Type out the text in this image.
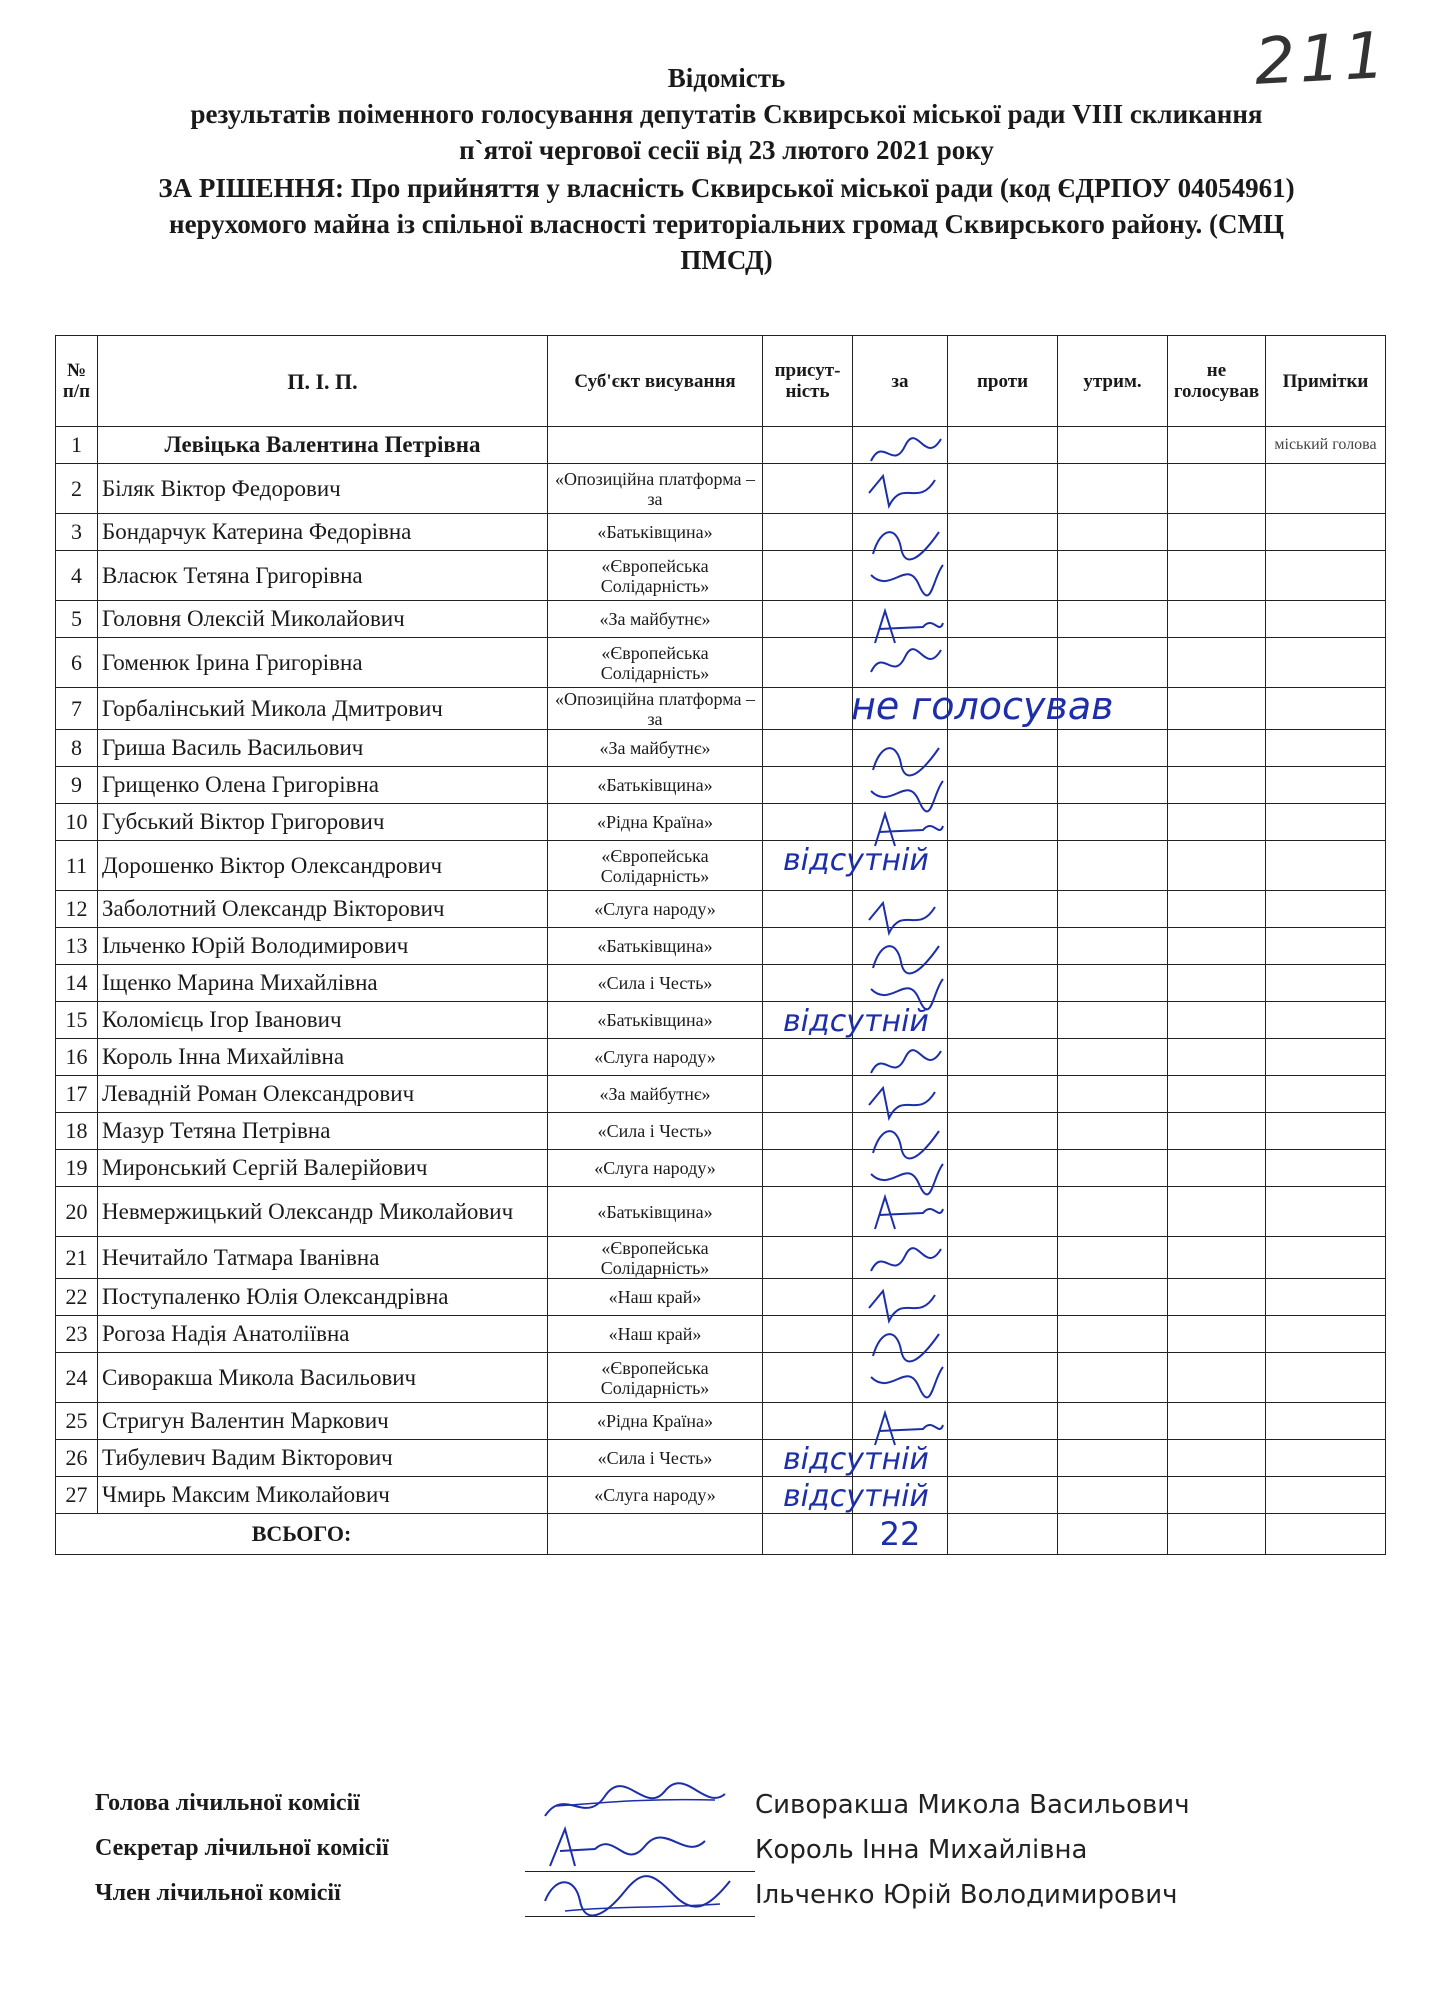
211
Відомість
результатів поіменного голосування депутатів Сквирської міської ради VIII скликання
п`ятої чергової сесії від 23 лютого 2021 року
ЗА РІШЕННЯ: Про прийняття у власність Сквирської міської ради (код ЄДРПОУ 04054961)
нерухомого майна із спільної власності територіальних громад Сквирського району. (СМЦ
ПМСД)
№ п/п	П. І. П.	Суб'єкт висування	присут-ність	за	проти	утрим.	не голосував	Примітки
1	Левіцька Валентина Петрівна							міський голова
2	Біляк Віктор Федорович	«Опозиційна платформа – за		

3	Бондарчук Катерина Федорівна	«Батьківщина»		

4	Власюк Тетяна Григорівна	«Європейська Солідарність»		

5	Головня Олексій Миколайович	«За майбутнє»		

6	Гоменюк Ірина Григорівна	«Європейська Солідарність»		

7	Горбалінський Микола Дмитрович	«Опозиційна платформа – за		не голосував				

8	Гриша Василь Васильович	«За майбутнє»		

9	Грищенко Олена Григорівна	«Батьківщина»		

10	Губський Віктор Григорович	«Рідна Країна»		

11	Дорошенко Віктор Олександрович	«Європейська Солідарність»		відсутній				

12	Заболотний Олександр Вікторович	«Слуга народу»		

13	Ільченко Юрій Володимирович	«Батьківщина»		

14	Іщенко Марина Михайлівна	«Сила і Честь»		

15	Коломієць Ігор Іванович	«Батьківщина»		відсутній				

16	Король Інна Михайлівна	«Слуга народу»		

17	Левадній Роман Олександрович	«За майбутнє»		

18	Мазур Тетяна Петрівна	«Сила і Честь»		

19	Миронський Сергій Валерійович	«Слуга народу»		

20	Невмержицький Олександр Миколайович	«Батьківщина»		

21	Нечитайло Татмара Іванівна	«Європейська Солідарність»		

22	Поступаленко Юлія Олександрівна	«Наш край»		

23	Рогоза Надія Анатоліївна	«Наш край»		

24	Сиворакша Микола Васильович	«Європейська Солідарність»		

25	Стригун Валентин Маркович	«Рідна Країна»		

26	Тибулевич Вадим Вікторович	«Сила і Честь»		відсутній				

27	Чмирь Максим Миколайович	«Слуга народу»		відсутній				

ВСЬОГО:				22				
Голова лічильної комісії	Сиворакша Микола Васильович
Секретар лічильної комісії	Король Інна Михайлівна
Член лічильної комісії	Ільченко Юрій Володимирович
